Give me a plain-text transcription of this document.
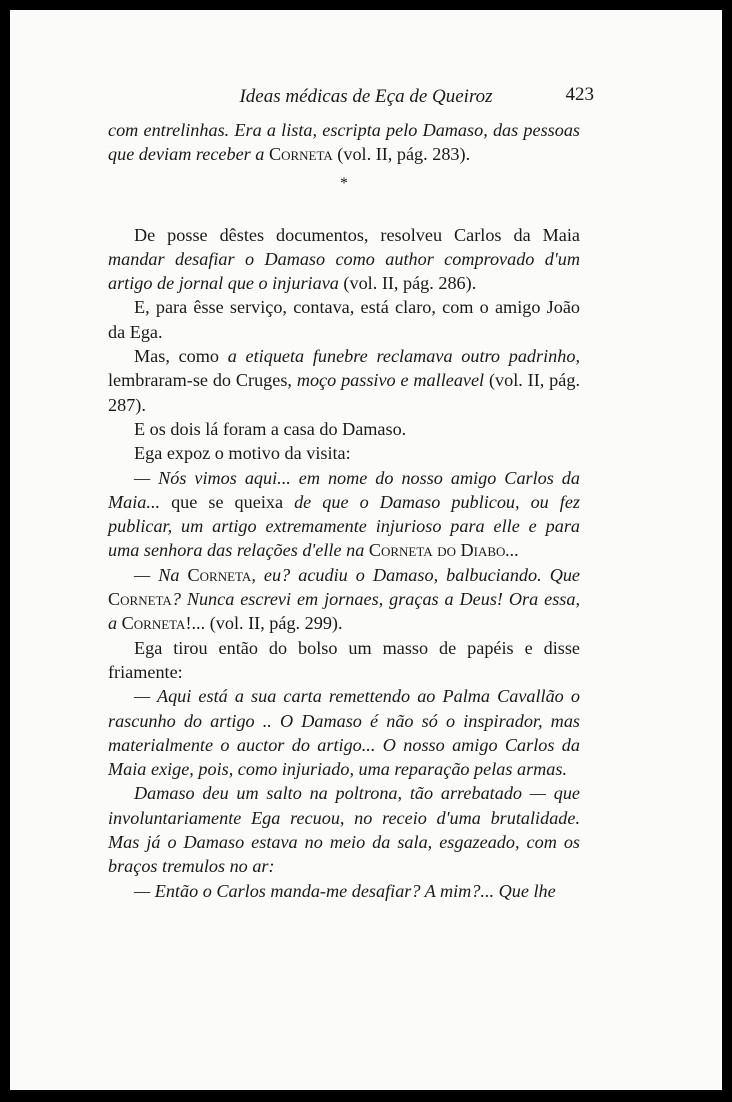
Ideas médicas de Eça de Queiroz	423

com entrelinhas. Era a lista, escripta pelo Damaso, das pessoas que deviam receber a Corneta (vol. II, pág. 283).

*

De posse dêstes documentos, resolveu Carlos da Maia mandar desafiar o Damaso como author comprovado d'um artigo de jornal que o injuriava (vol. II, pág. 286).

E, para êsse serviço, contava, está claro, com o amigo João da Ega.

Mas, como a etiqueta funebre reclamava outro padrinho, lembraram-se do Cruges, moço passivo e malleavel (vol. II, pág. 287).

E os dois lá foram a casa do Damaso.

Ega expoz o motivo da visita:

— Nós vimos aqui... em nome do nosso amigo Carlos da Maia... que se queixa de que o Damaso publicou, ou fez publicar, um artigo extremamente injurioso para elle e para uma senhora das relações d'elle na Corneta do Diabo...

— Na Corneta, eu? acudiu o Damaso, balbuciando. Que Corneta? Nunca escrevi em jornaes, graças a Deus! Ora essa, a Corneta!... (vol. II, pág. 299).

Ega tirou então do bolso um masso de papéis e disse friamente:

— Aqui está a sua carta remettendo ao Palma Cavallão o rascunho do artigo .. O Damaso é não só o inspirador, mas materialmente o auctor do artigo... O nosso amigo Carlos da Maia exige, pois, como injuriado, uma reparação pelas armas.

Damaso deu um salto na poltrona, tão arrebatado — que involuntariamente Ega recuou, no receio d'uma brutalidade. Mas já o Damaso estava no meio da sala, esgazeado, com os braços tremulos no ar:

— Então o Carlos manda-me desafiar? A mim?... Que lhe
